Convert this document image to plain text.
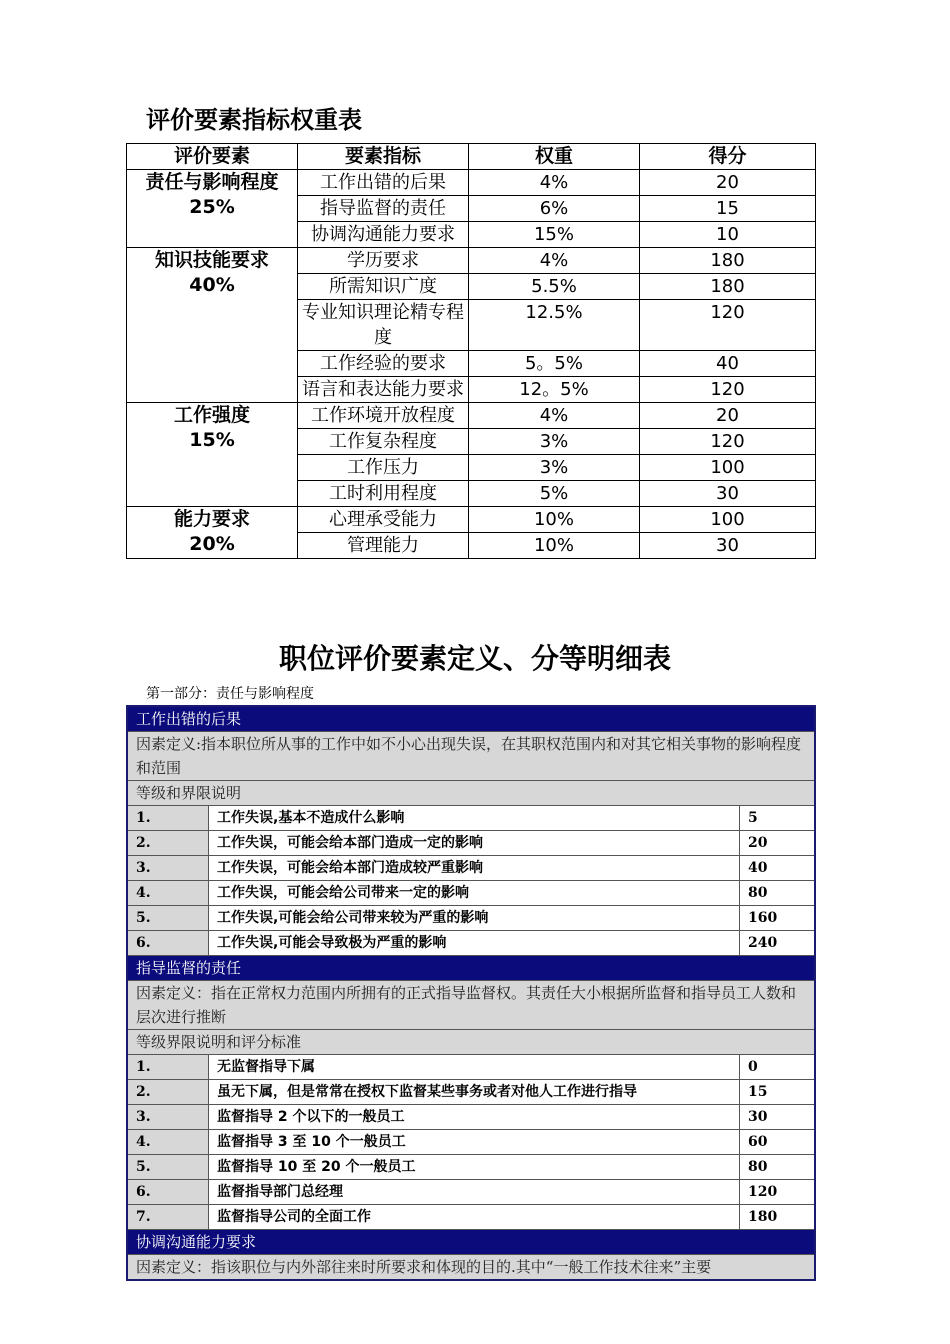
评价要素指标权重表
评价要素	要素指标	权重	得分

责任与影响程度
25%	工作出错的后果	4%	20
	指导监督的责任	6%	15
	协调沟通能力要求	15%	10

知识技能要求
40%	学历要求	4%	180
	所需知识广度	5.5%	180
	专业知识理论精专程度	12.5%	120
	工作经验的要求	5。5%	40
	语言和表达能力要求	12。5%	120

工作强度
15%	工作环境开放程度	4%	20
	工作复杂程度	3%	120
	工作压力	3%	100
	工时利用程度	5%	30

能力要求
20%	心理承受能力	10%	100
	管理能力	10%	30
职位评价要素定义、分等明细表
第一部分：责任与影响程度
工作出错的后果		
因素定义:指本职位所从事的工作中如不小心出现失误，在其职权范围内和对其它相关事物的影响程度和范围		
等级和界限说明		
1.	工作失误,基本不造成什么影响	5
2.	工作失误，可能会给本部门造成一定的影响	20
3.	工作失误，可能会给本部门造成较严重影响	40
4.	工作失误，可能会给公司带来一定的影响	80
5.	工作失误,可能会给公司带来较为严重的影响	160
6.	工作失误,可能会导致极为严重的影响	240
指导监督的责任		
因素定义：指在正常权力范围内所拥有的正式指导监督权。其责任大小根据所监督和指导员工人数和层次进行推断		
等级界限说明和评分标准		
1.	无监督指导下属	0
2.	虽无下属，但是常常在授权下监督某些事务或者对他人工作进行指导	15
3.	监督指导 2 个以下的一般员工	30
4.	监督指导 3 至 10 个一般员工	60
5.	监督指导 10 至 20 个一般员工	80
6.	监督指导部门总经理	120
7.	监督指导公司的全面工作	180
协调沟通能力要求		
因素定义：指该职位与内外部往来时所要求和体现的目的.其中“一般工作技术往来”主要		
